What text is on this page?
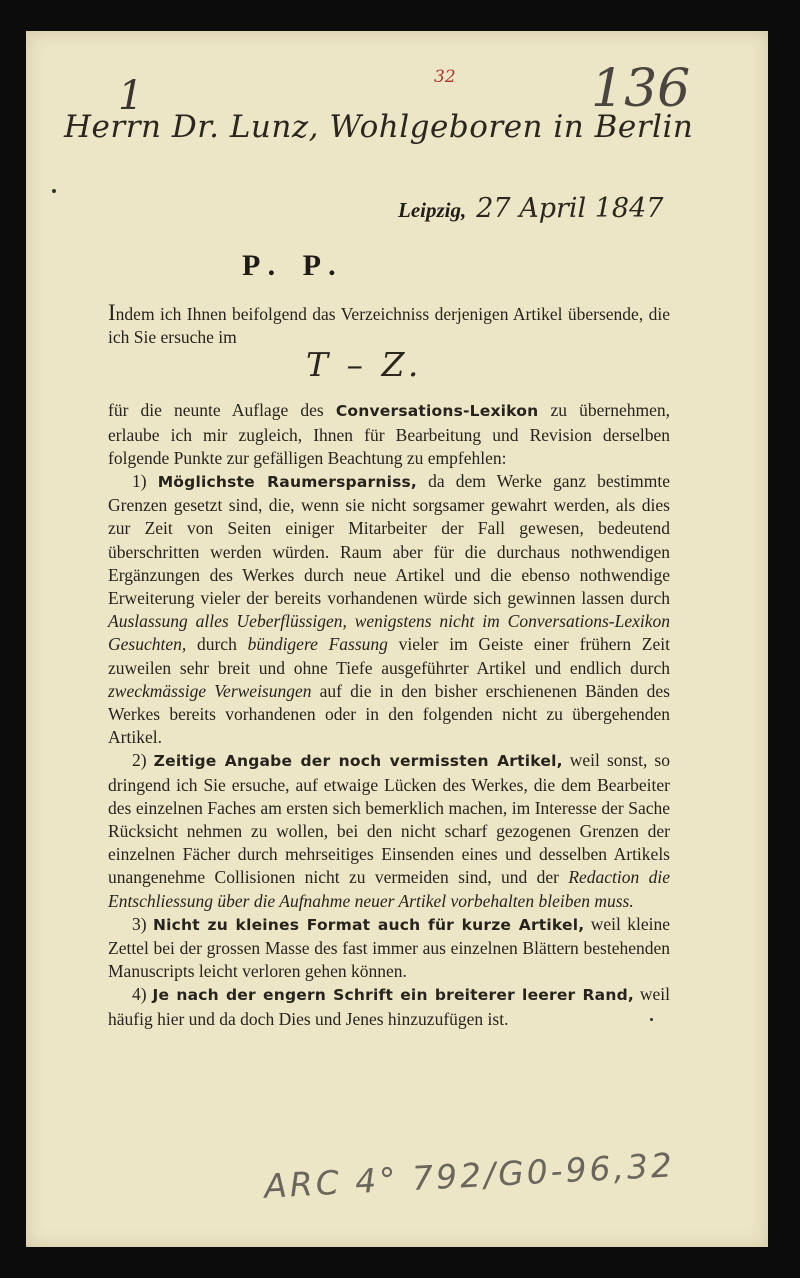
32
1	136
Herrn Dr. Lunz, Wohlgeboren in Berlin
Leipzig, 27 April 1847
P. P.

Indem ich Ihnen beifolgend das Verzeichniss derjenigen Artikel übersende, die ich Sie ersuche im
T – Z.
für die neunte Auflage des Conversations-Lexikon zu übernehmen, erlaube ich mir zugleich, Ihnen für Bearbeitung und Revision derselben folgende Punkte zur gefälligen Beachtung zu empfehlen:

1) Möglichste Raumersparniss, da dem Werke ganz bestimmte Grenzen gesetzt sind, die, wenn sie nicht sorgsamer gewahrt werden, als dies zur Zeit von Seiten einiger Mitarbeiter der Fall gewesen, bedeutend überschritten werden würden. Raum aber für die durchaus nothwendigen Ergänzungen des Werkes durch neue Artikel und die ebenso nothwendige Erweiterung vieler der bereits vorhandenen würde sich gewinnen lassen durch Auslassung alles Ueberflüssigen, wenigstens nicht im Conversations-Lexikon Gesuchten, durch bündigere Fassung vieler im Geiste einer frühern Zeit zuweilen sehr breit und ohne Tiefe ausgeführter Artikel und endlich durch zweckmässige Verweisungen auf die in den bisher erschienenen Bänden des Werkes bereits vorhandenen oder in den folgenden nicht zu übergehenden Artikel.

2) Zeitige Angabe der noch vermissten Artikel, weil sonst, so dringend ich Sie ersuche, auf etwaige Lücken des Werkes, die dem Bearbeiter des einzelnen Faches am ersten sich bemerklich machen, im Interesse der Sache Rücksicht nehmen zu wollen, bei den nicht scharf gezogenen Grenzen der einzelnen Fächer durch mehrseitiges Einsenden eines und desselben Artikels unangenehme Collisionen nicht zu vermeiden sind, und der Redaction die Entschliessung über die Aufnahme neuer Artikel vorbehalten bleiben muss.

3) Nicht zu kleines Format auch für kurze Artikel, weil kleine Zettel bei der grossen Masse des fast immer aus einzelnen Blättern bestehenden Manuscripts leicht verloren gehen können.

4) Je nach der engern Schrift ein breiterer leerer Rand, weil häufig hier und da doch Dies und Jenes hinzuzufügen ist.

ARC 4° 792/G0-96,32
